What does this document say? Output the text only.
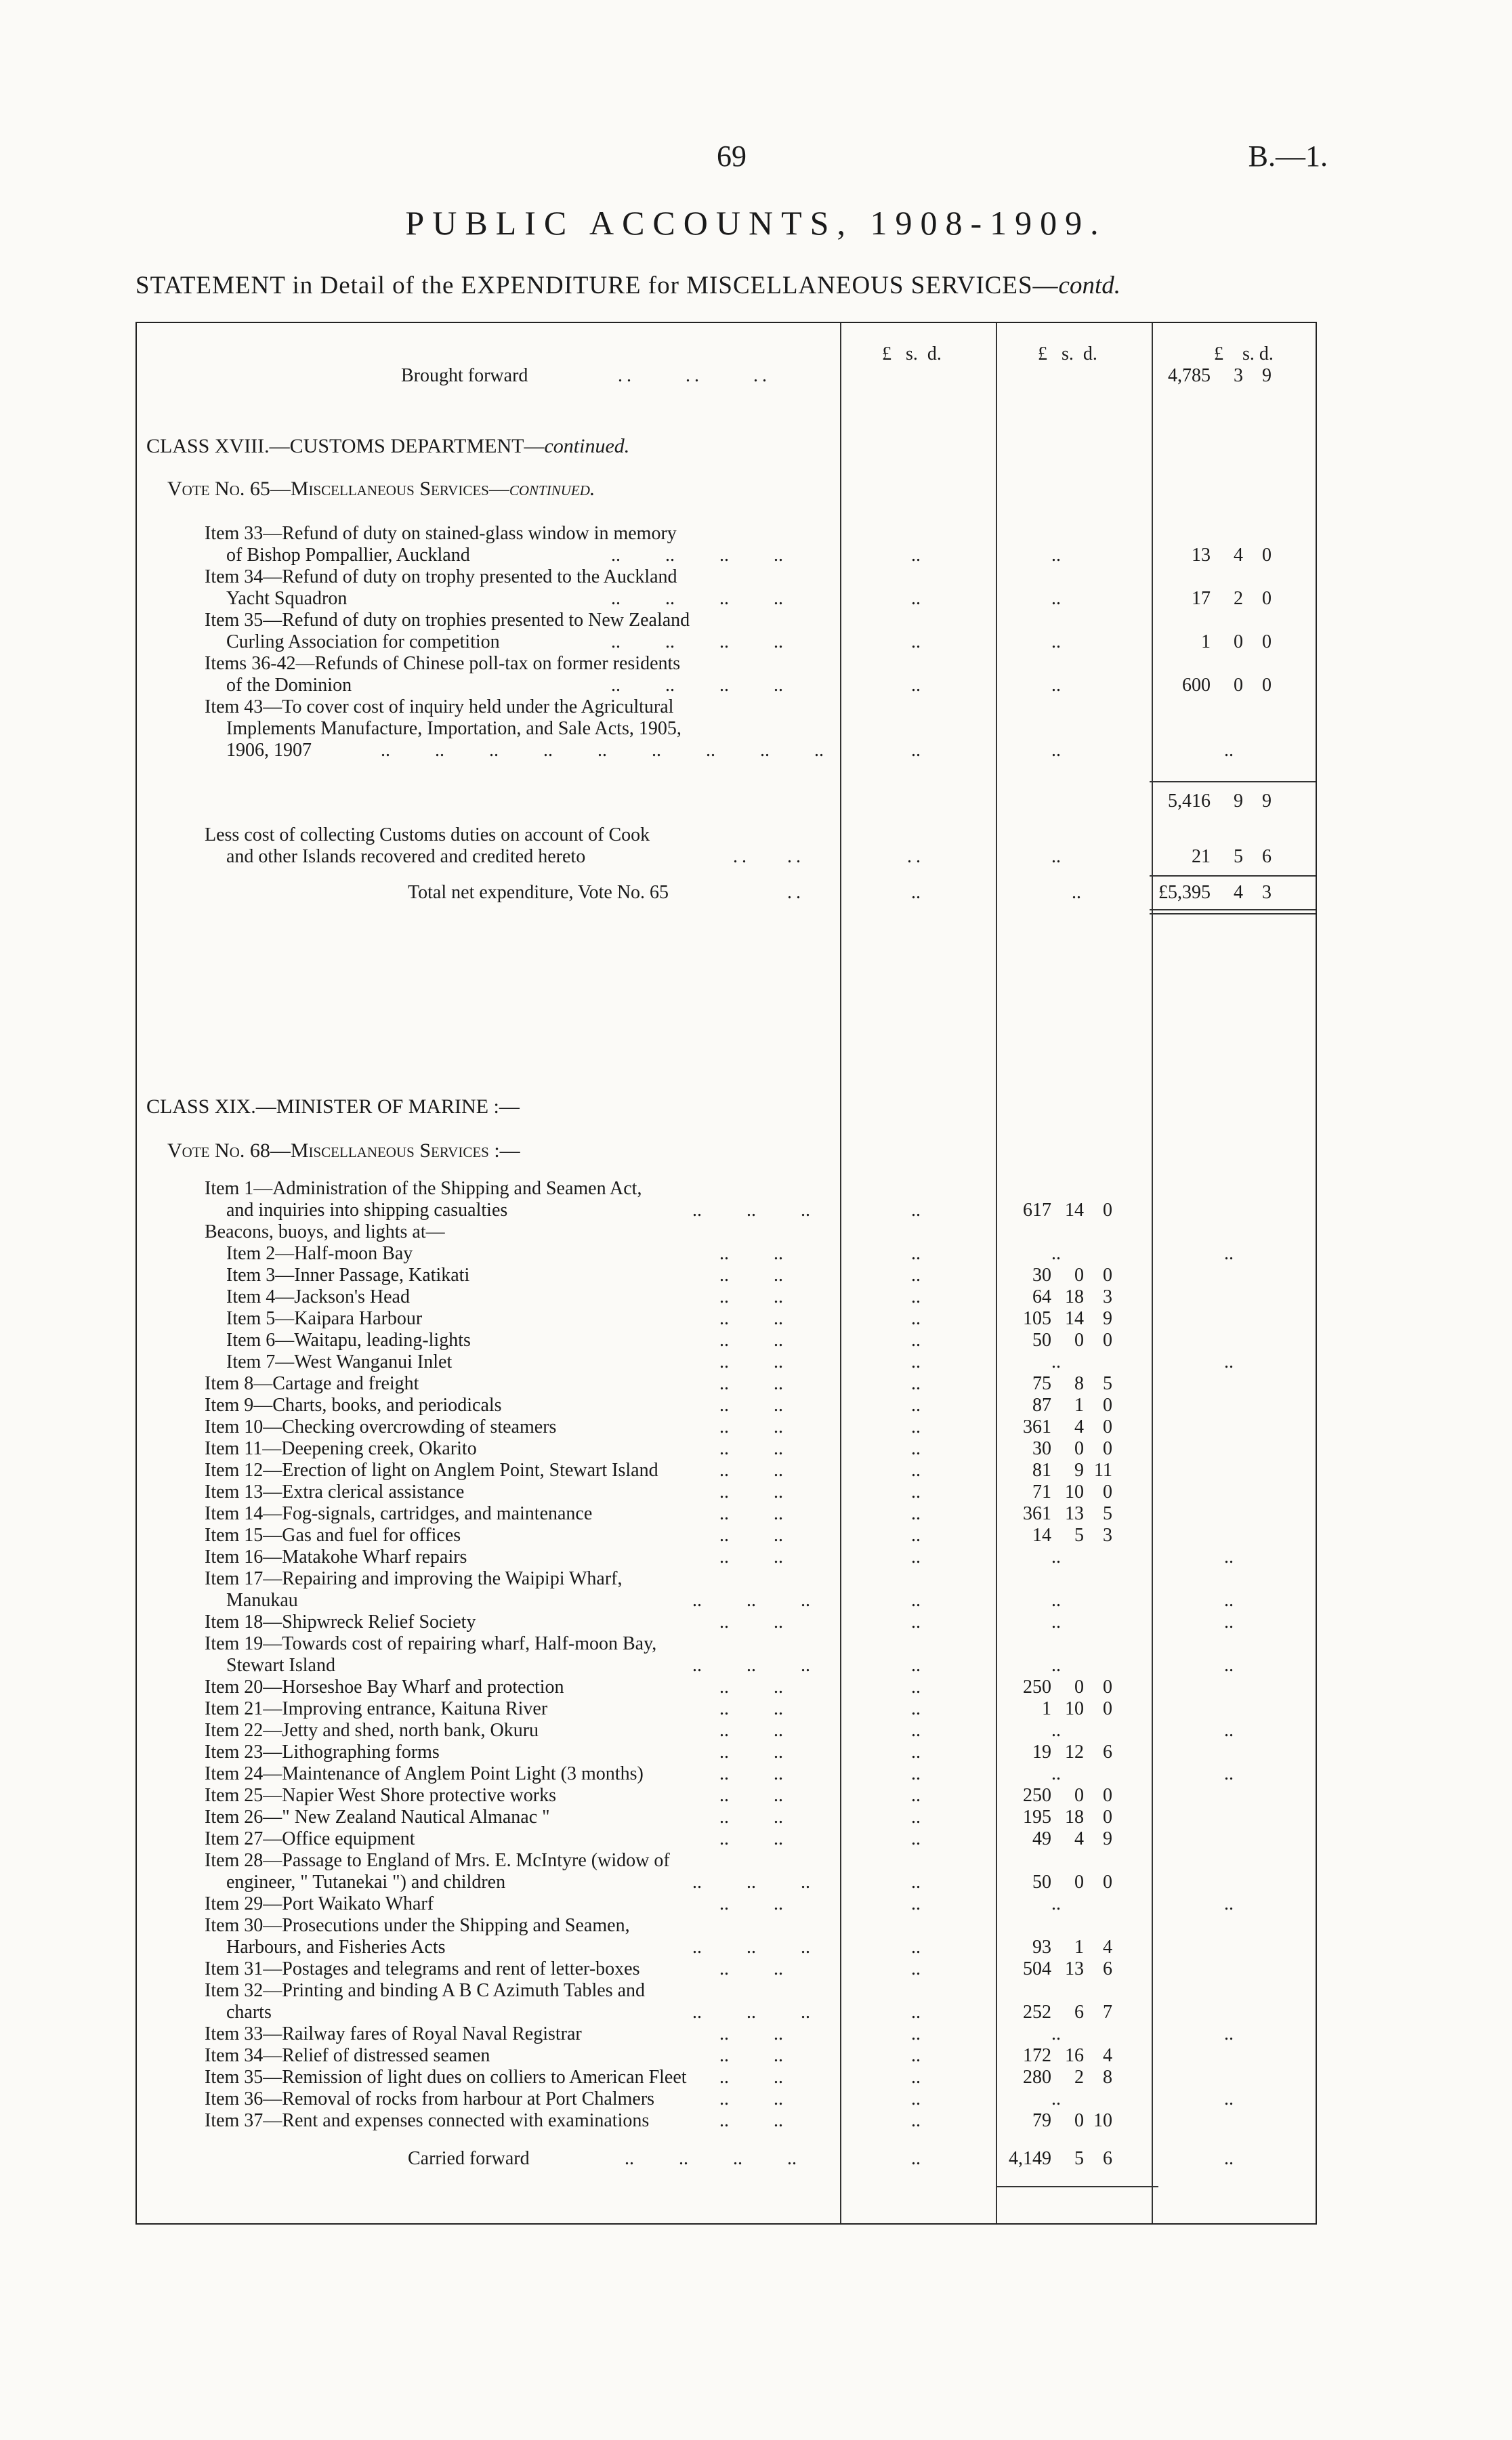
69	B.—1.
PUBLIC ACCOUNTS, 1908-1909.
STATEMENT in Detail of the EXPENDITURE for MISCELLANEOUS SERVICES—contd.
£ s. d.	£ s. d.	£ s. d.
Brought forward	..	..	..	4,785 3 9
CLASS XVIII.—CUSTOMS DEPARTMENT—continued.
Vote No. 65—Miscellaneous Services—continued.
Item 33—Refund of duty on stained-glass window in memory
of Bishop Pompallier, Auckland	.. .. .. ..	..	..	13 4 0
Item 34—Refund of duty on trophy presented to the Auckland
Yacht Squadron	.. .. .. ..	..	..	17 2 0
Item 35—Refund of duty on trophies presented to New Zealand
Curling Association for competition	.. .. .. ..	..	..	1 0 0
Items 36-42—Refunds of Chinese poll-tax on former residents
of the Dominion	.. .. .. ..	..	..	600 0 0
Item 43—To cover cost of inquiry held under the Agricultural
Implements Manufacture, Importation, and Sale Acts, 1905,
1906, 1907	.. .. .. .. .. .. .. .. ..	..	..	..
5,416 9 9
Less cost of collecting Customs duties on account of Cook
and other Islands recovered and credited hereto	.. ..	..	..	21 5 6
Total net expenditure, Vote No. 65	..	..	..	£5,395 4 3
CLASS XIX.—MINISTER OF MARINE :—
Vote No. 68—Miscellaneous Services :—
Item 1—Administration of the Shipping and Seamen Act,
and inquiries into shipping casualties	.. .. ..	..	617 14 0
Beacons, buoys, and lights at—
Item 2—Half-moon Bay	.. ..	..	..	..
Item 3—Inner Passage, Katikati	.. ..	..	30 0 0
Item 4—Jackson's Head	.. ..	..	64 18 3
Item 5—Kaipara Harbour	.. ..	..	105 14 9
Item 6—Waitapu, leading-lights	.. ..	..	50 0 0
Item 7—West Wanganui Inlet	.. ..	..	..	..
Item 8—Cartage and freight	.. ..	..	75 8 5
Item 9—Charts, books, and periodicals	.. ..	..	87 1 0
Item 10—Checking overcrowding of steamers	.. ..	..	361 4 0
Item 11—Deepening creek, Okarito	.. ..	..	30 0 0
Item 12—Erection of light on Anglem Point, Stewart Island	.. ..	..	81 9 11
Item 13—Extra clerical assistance	.. ..	..	71 10 0
Item 14—Fog-signals, cartridges, and maintenance	.. ..	..	361 13 5
Item 15—Gas and fuel for offices	.. ..	..	14 5 3
Item 16—Matakohe Wharf repairs	.. ..	..	..	..
Item 17—Repairing and improving the Waipipi Wharf,
Manukau	.. .. ..	..	..	..
Item 18—Shipwreck Relief Society	.. ..	..	..	..
Item 19—Towards cost of repairing wharf, Half-moon Bay,
Stewart Island	.. .. ..	..	..	..
Item 20—Horseshoe Bay Wharf and protection	.. ..	..	250 0 0
Item 21—Improving entrance, Kaituna River	.. ..	..	1 10 0
Item 22—Jetty and shed, north bank, Okuru	.. ..	..	..	..
Item 23—Lithographing forms	.. ..	..	19 12 6
Item 24—Maintenance of Anglem Point Light (3 months)	.. ..	..	..	..
Item 25—Napier West Shore protective works	.. ..	..	250 0 0
Item 26—" New Zealand Nautical Almanac "	.. ..	..	195 18 0
Item 27—Office equipment	.. ..	..	49 4 9
Item 28—Passage to England of Mrs. E. McIntyre (widow of
engineer, " Tutanekai ") and children	.. .. ..	..	50 0 0
Item 29—Port Waikato Wharf	.. ..	..	..	..
Item 30—Prosecutions under the Shipping and Seamen,
Harbours, and Fisheries Acts	.. .. ..	..	93 1 4
Item 31—Postages and telegrams and rent of letter-boxes	.. ..	..	504 13 6
Item 32—Printing and binding A B C Azimuth Tables and
charts	.. .. ..	..	252 6 7
Item 33—Railway fares of Royal Naval Registrar	.. ..	..	..	..
Item 34—Relief of distressed seamen	.. ..	..	172 16 4
Item 35—Remission of light dues on colliers to American Fleet .. ..	..	280 2 8
Item 36—Removal of rocks from harbour at Port Chalmers	.. ..	..	..	..
Item 37—Rent and expenses connected with examinations	.. ..	..	79 0 10
Carried forward	.. .. .. ..	..	4,149 5 6	..
